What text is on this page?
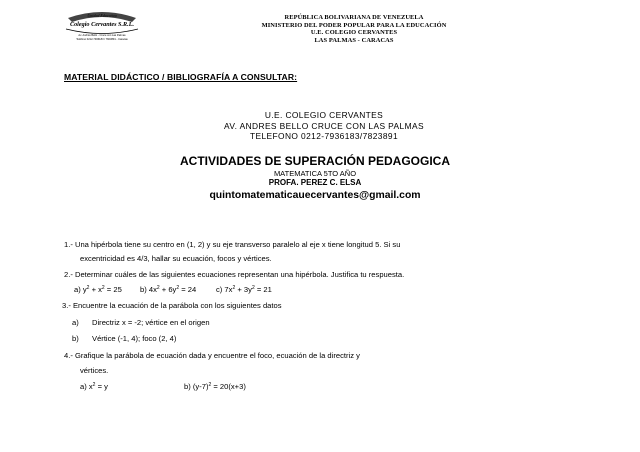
Unidad Educativa
Colegio Cervantes S.R.L.
Av. Andrés Bello - Cruce con Las Palmas
Teléfono 0212-7936183 / 7823891 - Caracas
REPÚBLICA BOLIVARIANA DE VENEZUELA
MINISTERIO DEL PODER POPULAR PARA LA EDUCACIÓN
U.E. COLEGIO CERVANTES
LAS PALMAS - CARACAS
MATERIAL DIDÁCTICO / BIBLIOGRAFÍA A CONSULTAR:
U.E. COLEGIO CERVANTES
AV. ANDRES BELLO CRUCE CON LAS PALMAS
TELEFONO 0212-7936183/7823891
ACTIVIDADES DE SUPERACIÓN PEDAGOGICA
MATEMATICA 5TO AÑO
PROFA. PEREZ C. ELSA
quintomatematicauecervantes@gmail.com
1.- Una hipérbola tiene su centro en (1, 2) y su eje transverso paralelo al eje x tiene longitud 5. Si su
excentricidad es 4/3, hallar su ecuación, focos y vértices.
2.- Determinar cuáles de las siguientes ecuaciones representan una hipérbola. Justifica tu respuesta.
a) $y^2 + x^2 = 25$ b) $4x^2 + 6y^2 = 24$	c) $7x^2 + 3y^2 = 21$
3.- Encuentre la ecuación de la parábola con los siguientes datos
a) Directriz x = -2; vértice en el origen
b) Vértice (-1, 4); foco (2, 4)
4.- Grafique la parábola de ecuación dada y encuentre el foco, ecuación de la directriz y
vértices.
a) $x^2 = y$	b) $(y-7)^2 = 20(x+3)$
